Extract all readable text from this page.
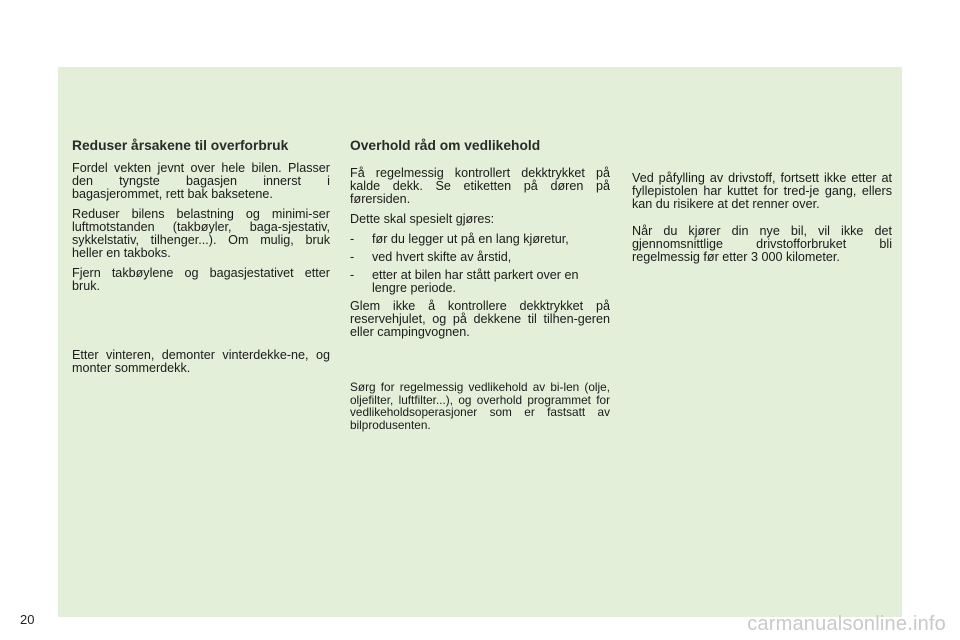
Reduser årsakene til overforbruk

Fordel vekten jevnt over hele bilen. Plasser den tyngste bagasjen innerst i bagasjerommet, rett bak baksetene.

Reduser bilens belastning og minimi-ser luftmotstanden (takbøyler, baga-sjestativ, sykkelstativ, tilhenger...). Om mulig, bruk heller en takboks.

Fjern takbøylene og bagasjestativet etter bruk.

Etter vinteren, demonter vinterdekke-ne, og monter sommerdekk.

Overhold råd om vedlikehold

Få regelmessig kontrollert dekktrykket på kalde dekk. Se etiketten på døren på førersiden.

Dette skal spesielt gjøres:

-	før du legger ut på en lang kjøretur,
-	ved hvert skifte av årstid,
-	etter at bilen har stått parkert over en lengre periode.

Glem ikke å kontrollere dekktrykket på reservehjulet, og på dekkene til tilhen-geren eller campingvognen.

Sørg for regelmessig vedlikehold av bi-len (olje, oljefilter, luftfilter...), og overhold programmet for vedlikeholdsoperasjoner som er fastsatt av bilprodusenten.

Ved påfylling av drivstoff, fortsett ikke etter at fyllepistolen har kuttet for tred-je gang, ellers kan du risikere at det renner over.

Når du kjører din nye bil, vil ikke det gjennomsnittlige drivstofforbruket bli regelmessig før etter 3 000 kilometer.

20	carmanualsonline.info
